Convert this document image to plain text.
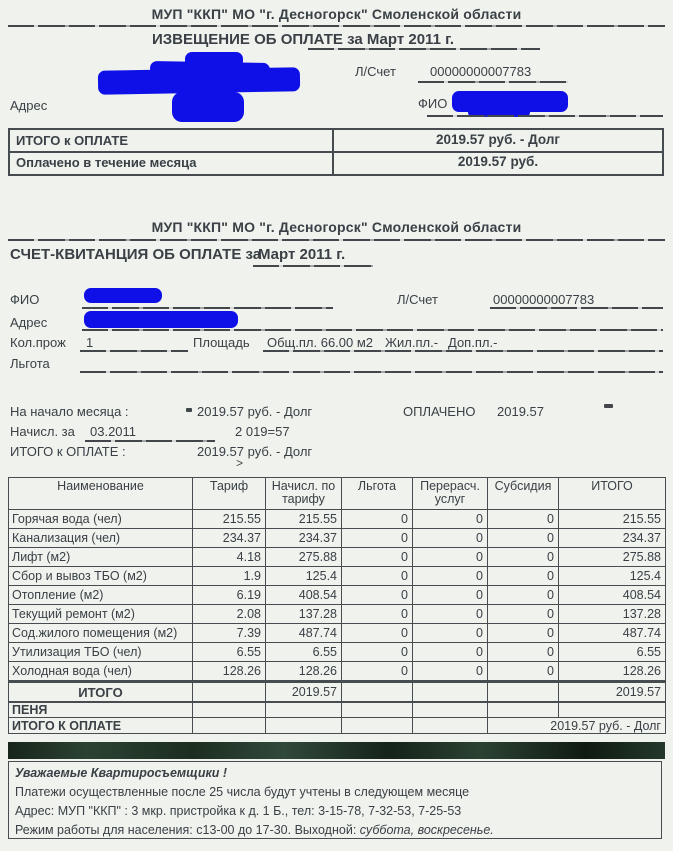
МУП "ККП" МО "г. Десногорск" Смоленской области
ИЗВЕЩЕНИЕ ОБ ОПЛАТЕ за Март 2011 г.
Л/Счет	00000000007783
Адрес	ФИО
ИТОГО к ОПЛАТЕ	2019.57 руб. - Долг
Оплачено в течение месяца	2019.57 руб.
МУП "ККП" МО "г. Десногорск" Смоленской области
СЧЕТ-КВИТАНЦИЯ ОБ ОПЛАТЕ за
Март 2011 г.
ФИО	Л/Счет	00000000007783
Адрес
Кол.прож 1	Площадь Общ.пл. 66.00 м2 Жил.пл.- Доп.пл.-
Льгота
На начало месяца :	2019.57 руб. - Долг	ОПЛАЧЕНО 2019.57
Начисл. за 03.2011	2 019=57
ИТОГО к ОПЛАТЕ :	2019.57 руб. - Долг
>
Наименование	Тариф	Начисл. по тарифу	Льгота	Перерасч. услуг	Субсидия	ИТОГО
Горячая вода (чел)	215.55	215.55	0	0	0	215.55
Канализация (чел)	234.37	234.37	0	0	0	234.37
Лифт (м2)	4.18	275.88	0	0	0	275.88
Сбор и вывоз ТБО (м2)	1.9	125.4	0	0	0	125.4
Отопление (м2)	6.19	408.54	0	0	0	408.54
Текущий ремонт (м2)	2.08	137.28	0	0	0	137.28
Сод.жилого помещения (м2)	7.39	487.74	0	0	0	487.74
Утилизация ТБО (чел)	6.55	6.55	0	0	0	6.55
Холодная вода (чел)	128.26	128.26	0	0	0	128.26
ИТОГО		2019.57				2019.57
ПЕНЯ						
ИТОГО К ОПЛАТЕ					2019.57 руб. - Долг	
Уважаемые Квартиросъемщики !
Платежи осуществленные после 25 числа будут учтены в следующем месяце
Адрес: МУП "ККП" : 3 мкр. пристройка к д. 1 Б., тел: 3-15-78, 7-32-53, 7-25-53
Режим работы для населения: с13-00 до 17-30. Выходной: суббота, воскресенье.
